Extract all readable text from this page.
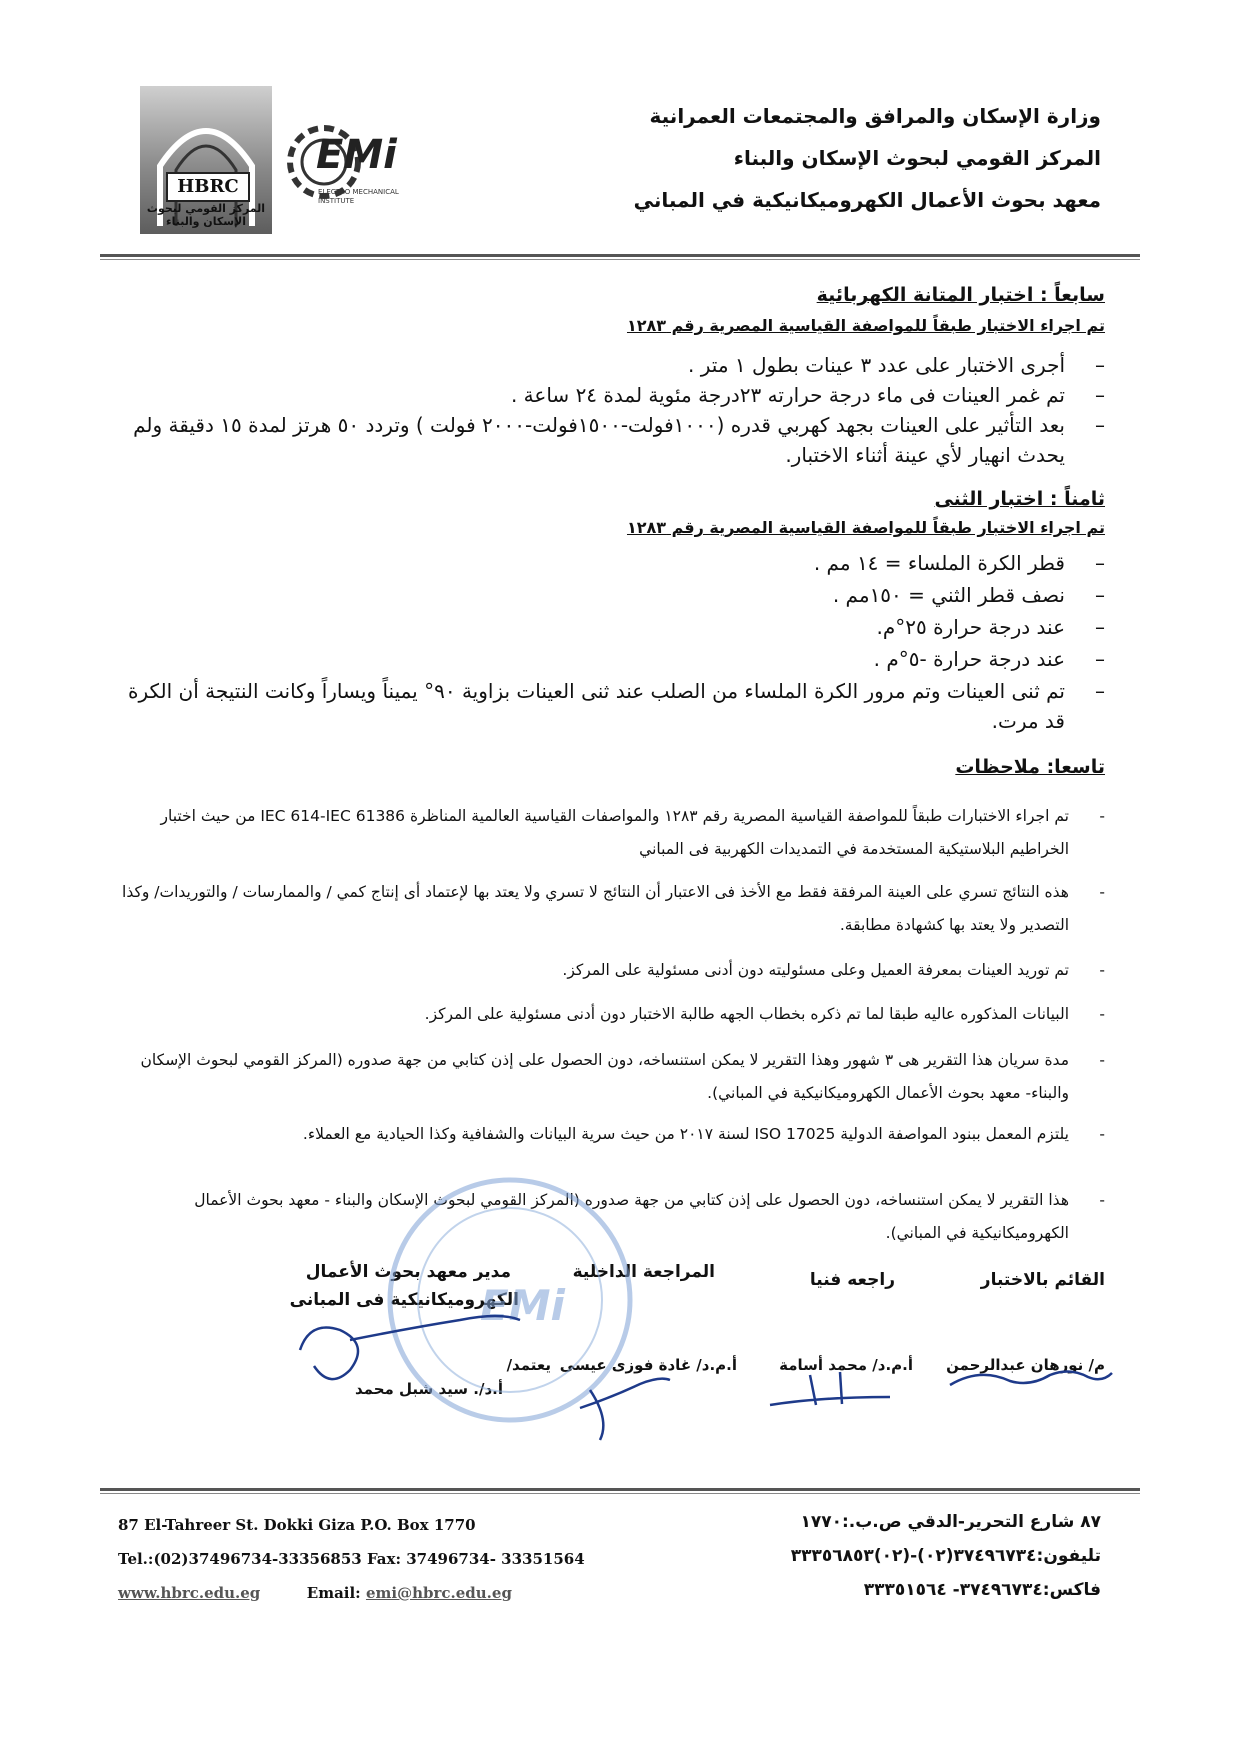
وزارة الإسكان والمرافق والمجتمعات العمرانية
المركز القومي لبحوث الإسكان والبناء
معهد بحوث الأعمال الكهروميكانيكية في المباني
HBRC
المركز القومي لبحوث الإسكان والبناء
EMi
ELECTRO MECHANICAL INSTITUTE
سابعاً : اختبار المتانة الكهربائية
تم اجراء الاختبار طبقاً للمواصفة القياسية المصرية رقم ١٢٨٣
–
أجرى الاختبار على عدد ٣ عينات بطول ١ متر .
–
تم غمر العينات فى ماء درجة حرارته ٢٣درجة مئوية لمدة ٢٤ ساعة .
–
بعد التأثير على العينات بجهد كهربي قدره (١٠٠٠فولت-١٥٠٠فولت-٢٠٠٠ فولت ) وتردد ٥٠ هرتز لمدة ١٥ دقيقة ولم يحدث انهيار لأي عينة أثناء الاختبار.
ثامناً : اختبار الثنى
تم اجراء الاختبار طبقاً للمواصفة القياسية المصرية رقم ١٢٨٣
–
قطر الكرة الملساء = ١٤ مم .
–
نصف قطر الثني = ١٥٠مم .
–
عند درجة حرارة ٢٥°م.
–
عند درجة حرارة -٥°م .
–
تم ثنى العينات وتم مرور الكرة الملساء من الصلب عند ثنى العينات بزاوية ٩٠° يميناً ويساراً وكانت النتيجة أن الكرة قد مرت.
تاسعا: ملاحظات
-
تم اجراء الاختبارات طبقاً للمواصفة القياسية المصرية رقم ١٢٨٣ والمواصفات القياسية العالمية المناظرة IEC 614-IEC 61386 من حيث اختبار الخراطيم البلاستيكية المستخدمة في التمديدات الكهربية فى المباني
-
هذه النتائج تسري على العينة المرفقة فقط مع الأخذ فى الاعتبار أن النتائج لا تسري ولا يعتد بها لإعتماد أى إنتاج كمي / والممارسات / والتوريدات/ وكذا التصدير ولا يعتد بها كشهادة مطابقة.
-
تم توريد العينات بمعرفة العميل وعلى مسئوليته دون أدنى مسئولية على المركز.
-
البيانات المذكوره عاليه طبقا لما تم ذكره بخطاب الجهه طالبة الاختبار دون أدنى مسئولية على المركز.
-
مدة سريان هذا التقرير هى ٣ شهور وهذا التقرير لا يمكن استنساخه، دون الحصول على إذن كتابي من جهة صدوره (المركز القومي لبحوث الإسكان والبناء- معهد بحوث الأعمال الكهروميكانيكية في المباني).
-
يلتزم المعمل ببنود المواصفة الدولية ISO 17025 لسنة ٢٠١٧ من حيث سرية البيانات والشفافية وكذا الحيادية مع العملاء.
-
هذا التقرير لا يمكن استنساخه، دون الحصول على إذن كتابي من جهة صدوره (المركز القومي لبحوث الإسكان والبناء - معهد بحوث الأعمال الكهروميكانيكية في المباني).
القائم بالاختبار
راجعه فنيا
المراجعة الداخلية
مدير معهد بحوث الأعمال
الكهروميكانيكية فى المبانى
م/ نورهان عبدالرحمن
أ.م.د/ محمد أسامة
أ.م.د/ غادة فوزى عيسى
يعتمد/
أ.د/. سيد شبل محمد
EMi
87 El-Tahreer St. Dokki Giza P.O. Box 1770
Tel.:(02)37496734-33356853 Fax: 37496734- 33351564
www.hbrc.edu.eg	Email: emi@hbrc.edu.eg
٨٧ شارع التحرير-الدقي ص.ب.:١٧٧٠
تليفون:٣٧٤٩٦٧٣٤(٠٢)-(٠٢)٣٣٣٥٦٨٥٣
فاكس:٣٧٤٩٦٧٣٤- ٣٣٣٥١٥٦٤
